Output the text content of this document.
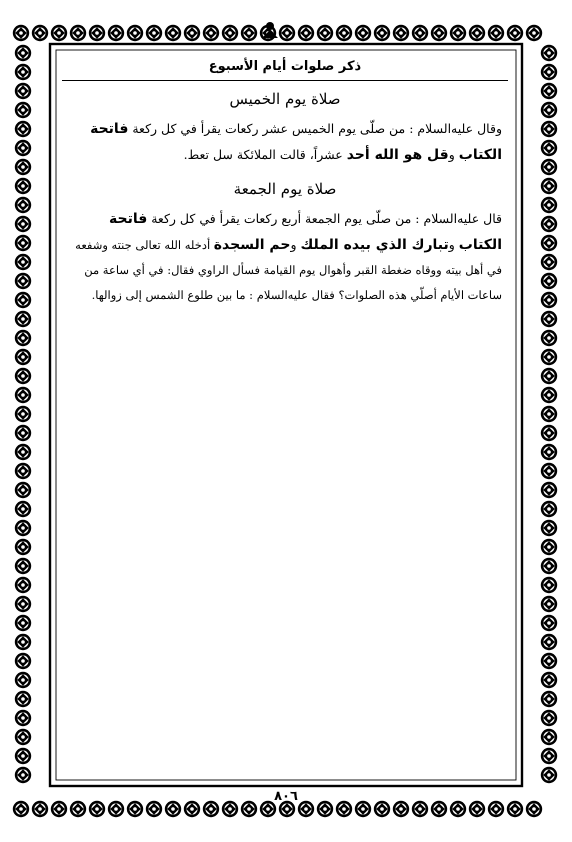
ذكر صلوات أيام الأسبوع
صلاة يوم الخميس
وقال عليه‌السلام : من صلّى يوم الخميس عشر ركعات يقرأ في كل ركعة فاتحة
الكتاب وقل هو الله أحد عشراً، قالت الملائكة سل تعط.
صلاة يوم الجمعة
قال عليه‌السلام : من صلّى يوم الجمعة أربع ركعات يقرأ في كل ركعة فاتحة
الكتاب وتبارك الذي بيده الملك وحم السجدة أدخله الله تعالى جنته وشفعه
في أهل بيته ووقاه ضغطة القبر وأهوال يوم القيامة فسأل الراوي فقال: في أي ساعة من
ساعات الأيام أصلّي هذه الصلوات؟ فقال عليه‌السلام : ما بين طلوع الشمس إلى زوالها.
٨٠٦
